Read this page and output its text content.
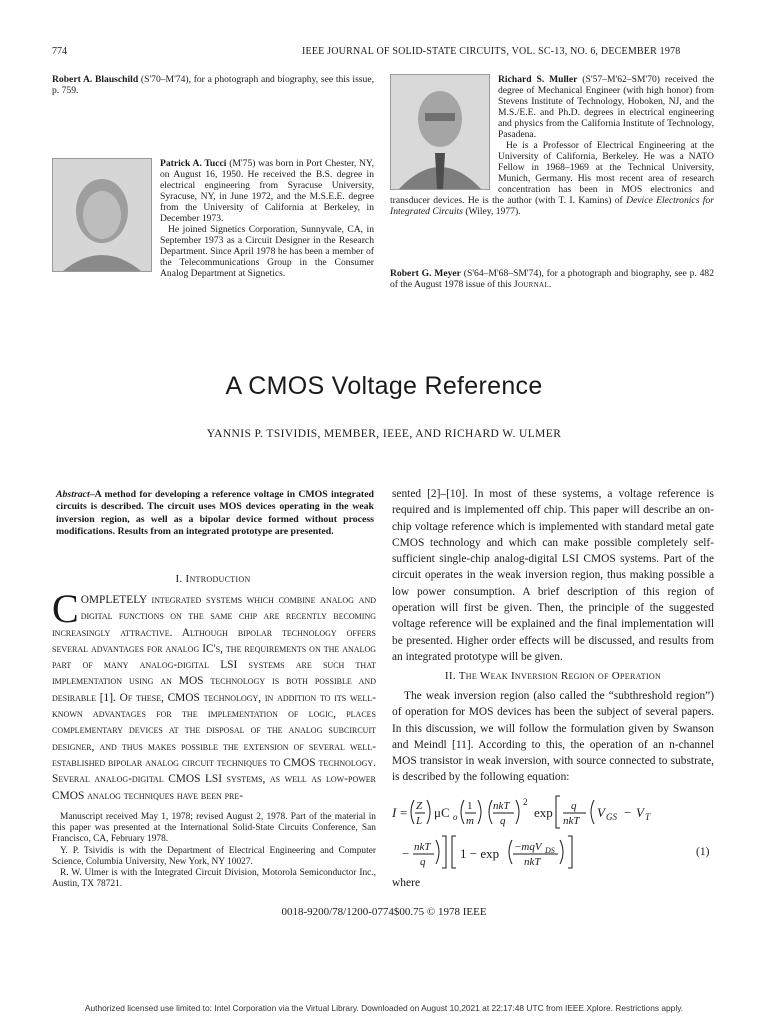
774	IEEE JOURNAL OF SOLID-STATE CIRCUITS, VOL. SC-13, NO. 6, DECEMBER 1978

Robert A. Blauschild (S'70–M'74), for a photograph and biography, see this issue, p. 759.

Patrick A. Tucci (M'75) was born in Port Chester, NY, on August 16, 1950. He received the B.S. degree in electrical engineering from Syracuse University, Syracuse, NY, in June 1972, and the M.S.E.E. degree from the University of California at Berkeley, in December 1973.

He joined Signetics Corporation, Sunnyvale, CA, in September 1973 as a Circuit Designer in the Research Department. Since April 1978 he has been a member of the Telecommunications Group in the Consumer Analog Department at Signetics.

Richard S. Muller (S'57–M'62–SM'70) received the degree of Mechanical Engineer (with high honor) from Stevens Institute of Technology, Hoboken, NJ, and the M.S./E.E. and Ph.D. degrees in electrical engineering and physics from the California Institute of Technology, Pasadena.

He is a Professor of Electrical Engineering at the University of California, Berkeley. He was a NATO Fellow in 1968–1969 at the Technical University, Munich, Germany. His most recent area of research concentration has been in MOS electronics and transducer devices. He is the author (with T. I. Kamins) of Device Electronics for Integrated Circuits (Wiley, 1977).

Robert G. Meyer (S'64–M'68–SM'74), for a photograph and biography, see p. 482 of the August 1978 issue of this Journal.

A CMOS Voltage Reference
YANNIS P. TSIVIDIS, MEMBER, IEEE, AND RICHARD W. ULMER
Abstract–A method for developing a reference voltage in CMOS integrated circuits is described. The circuit uses MOS devices operating in the weak inversion region, as well as a bipolar device formed without process modifications. Results from an integrated prototype are presented.
I. Introduction

COMPLETELY integrated systems which combine analog and digital functions on the same chip are recently becoming increasingly attractive. Although bipolar technology offers several advantages for analog IC's, the requirements on the analog part of many analog-digital LSI systems are such that implementation using an MOS technology is both possible and desirable [1]. Of these, CMOS technology, in addition to its well-known advantages for the implementation of logic, places complementary devices at the disposal of the analog subcircuit designer, and thus makes possible the extension of several well-established bipolar analog circuit techniques to CMOS technology. Several analog-digital CMOS LSI systems, as well as low-power CMOS analog techniques have been pre-

Manuscript received May 1, 1978; revised August 2, 1978. Part of the material in this paper was presented at the International Solid-State Circuits Conference, San Francisco, CA, February 1978.

Y. P. Tsividis is with the Department of Electrical Engineering and Computer Science, Columbia University, New York, NY 10027.

R. W. Ulmer is with the Integrated Circuit Division, Motorola Semiconductor Inc., Austin, TX 78721.

sented [2]–[10]. In most of these systems, a voltage reference is required and is implemented off chip. This paper will describe an on-chip voltage reference which is implemented with standard metal gate CMOS technology and which can make possible completely self-sufficient single-chip analog-digital LSI CMOS systems. Part of the circuit operates in the weak inversion region, thus making possible a low power consumption. A brief description of this region of operation will first be given. Then, the principle of the suggested voltage reference will be explained and the final implementation will be presented. Higher order effects will be discussed, and results from an integrated prototype will be given.

II. The Weak Inversion Region of Operation

The weak inversion region (also called the “subthreshold region”) of operation for MOS devices has been the subject of several papers. In this discussion, we will follow the formulation given by Swanson and Meindl [11]. According to this, the operation of an n-channel MOS transistor in weak inversion, with source connected to substrate, is described by the following equation:

I = Z
L
μC o
1
m
nkT
q
2
exp q
nkT
V GS − V T
− nkT
q
1 − exp −mqV DS
nkT
(1)
where
0018-9200/78/1200-0774$00.75 © 1978 IEEE
Authorized licensed use limited to: Intel Corporation via the Virtual Library. Downloaded on August 10,2021 at 22:17:48 UTC from IEEE Xplore. Restrictions apply.
